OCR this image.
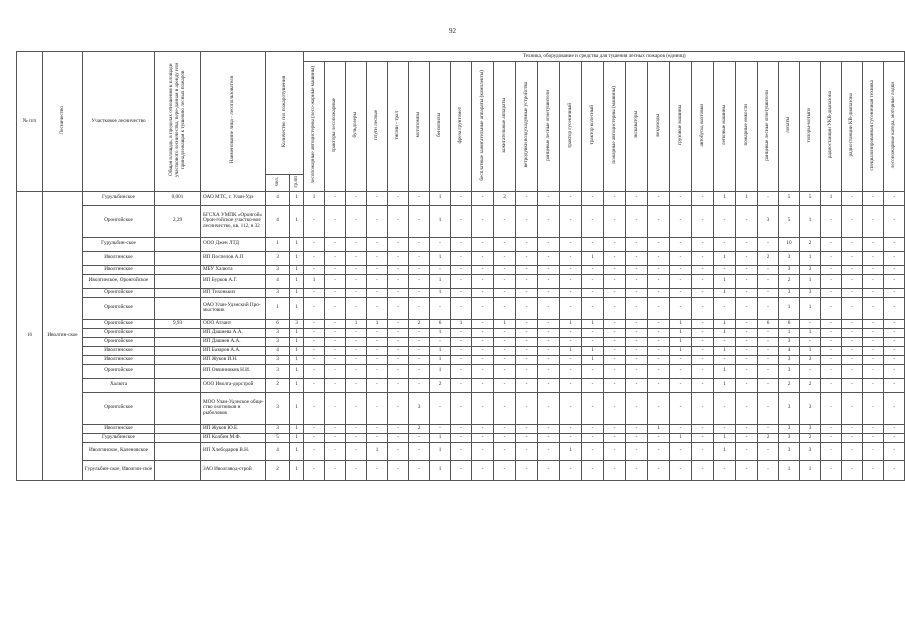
92
№ п/п	Лесничество	Участковое лесничество	Общая площадь, в пределах отношения к площади участкового лесничества, пере-данная в аренду или принадлежащая к тушению лесных пожаров	Наименование лица - лесопользователя	Количество сил пожаротушения		Техника, оборудование и средства для тушения лесных пожаров (единиц)																											
							лесопожарные автоцистерны (лесо-жарные машины)	тракторы лесопожарные	бульдозеры	плуги лесные	тягачи - трал	мотопомпы	бензопилы	фреза грунтомет	бесплатные зажигательные аппараты (комплекты)	зажигательные аппараты	ветродувки воздуходувные устройства	ранцевые лесные огнетушители	трактор гусеничный	трактор колесный	пожарные автоцистерны (машины)	экскаваторы	вездеходы	грузовые машины	автобусы, вахтовки	легковые машины	пожарные емкости	ранцевые лесные огнетушители	лопаты	топоры-мотыги	радиостанции УКВ-диапазона	радиостанции КВ-диапазона	специализированная гусеничная техника	лесопожарные катера, моторные лодки
					чел.	гр.пп																												
16	Иволгин-ское	Гурульбинское	0,001	ОАО МТС, г. Улан-Удэ	4	1	1	-	-	-	-	-	1	-	-	2	-	-	-	-	-	-	-	-	-	1	1	-	5	5	1	-	-	-
		Оронгойское	2,29	БГСХА УМПК «Оронгой» Орон-гойское участко-вое лесничество, кв. 112, в 32	4	1	-	-	-	-	-	-	1	-	-	-	-	-	-	-	-	-	-	-	-	-	-	3	5	1	-	-	-	-
		Гурульбин-ское		ООО Джен ЛТД	1	1	-	-	-	-	-	-	-	-	-	-	-	-	-	-	-	-	-	-	-	-	-	-	10	2	-	-	-	-
		Иволгинское		ИП Поспелов А.П	3	1	-	-	-	-	-	-	1	-	-	-	-	-	-	1	-	-	-	-	-	1	-	2	3	1	-	-	-	-
		Иволгинское		МБУ Халюта	3	1	-	-	-	-	-	-	-	-	-	-	-	-	-	-	-	-	-	-	-	-	-	-	3	3	-	-	-	-
		Иволгинское, Оронгойское		ИП Бурков А.Г.	4	1	1	-	-	-	-	-	1	-	-	-	-	-	-	-	-	-	-	-	-	1	-	-	2	1	-	-	-	-
		Оронгойское		ИП Тихоньких	3	1	-	-	-	-	-	-	1	-	-	-	-	-	-	-	-	-	-	-	-	1	-	-	3	3	-	-	-	-
		Оронгойское		ОАО Улан-Удэнский Про-мыстовик	1	1	-	-	-	-	-	-	-	-	-	-	-	-	-	-	-	-	-	-	-	-	-	-	1	1	-	-	-	-
		Оронгойское	9,93	ООО Атлант	6	3	-	-	1	1	-	2	6	1	-	1	-	-	1	1	-	-	-	1	-	1	-	6	6	-	-	-	-	-
		Оронгойское		ИП Дашиева А.А.	3	1	-	-	-	-	-	-	1	-	-	-	-	-	-	-	-	-	-	1	-	1	-	-	1	1	-	-	-	-
		Оронгойское		ИП Дашиев А.А.	3	1	-	-	-	-	-	-	-	-	-	-	-	-	-	-	-	-	-	1	-	-	-	-	3	-	-	-	-	-
		Иволгинское		ИП Базаров А.А.	4	1	-	-	-	-	-	-	1	-	-	-	-	-	1	1	-	-	-	1	-	1	-	-	4	1	-	-	-	-
		Иволгинское		ИП Жуков И.Н.	3	1	-	-	-	-	-	-	1	-	-	-	-	-	-	1	-	-	-	-	-	-	-	-	3	3	-	-	-	-
		Оронгойское		ИП Овчинников Н.И.	3	1	-	-	-	-	-	-	1	-	-	-	-	-	-	-	-	-	-	-	-	1	-	-	3	-	-	-	-	-
		Халюта		ООО Иволга-дорстрой	2	1	-	-	-	-	-	-	2	-	-	-	-	-	-	-	-	-	-	-	-	1	-	-	2	2	-	-	-	-
		Оронгойское		МОО Улан-Удэнское обще-ство охотников и рыболовов	3	1	-	-	-	-	-	3	-	-	-	-	-	-	-	-	-	-	-	-	-	-	-	-	3	3	-	-	-	-
		Иволгинское		ИП Жуков Ю.Е.	3	1	-	-	-	-	-	2	-	-	-	-	-	-	-	-	-	-	1	-	-	-	-	-	3	3	-	-	-	-
		Гурульбинское		ИП Колбин М.Ф.	5	1	-	-	-	-	-	-	1	-	-	-	-	-	-	-	-	-	-	1	-	1	-	2	3	2	-	-	-	-
		Иволгинское, Каленовское		ИП Хлебодаров В.Н.	4	1	-	-	-	1	-	-	1	-	-	-	-	-	1	-	-	-	-	-	-	1	-	-	3	3	-	-	-	-
		Гурульбин-ское, Иволгин-ское		ЗАО Иволгавод-строй	2	1	-	-	-	-	-	-	1	-	-	-	-	-	-	-	-	-	-	-	-	-	-	-	1	1	-	-	-	-
